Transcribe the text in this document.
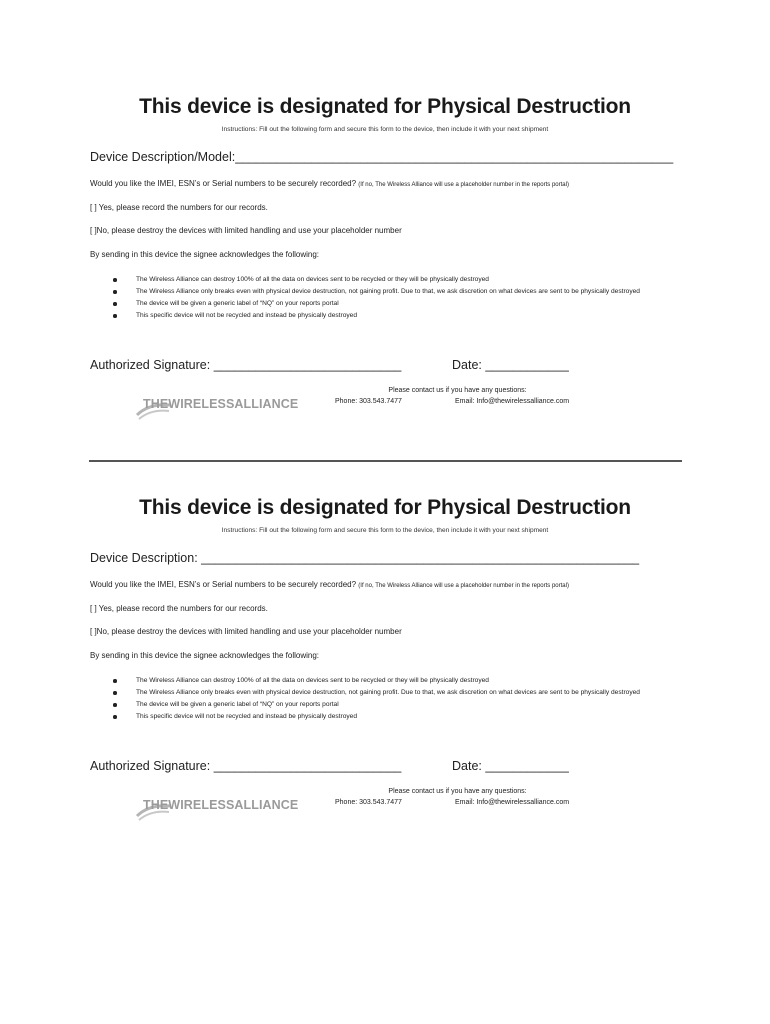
This device is designated for Physical Destruction
Instructions: Fill out the following form and secure this form to the device, then include it with your next shipment
Device Description/Model:_______________________________________________________________
Would you like the IMEI, ESN’s or Serial numbers to be securely recorded? (If no, The Wireless Alliance will use a placeholder number in the reports portal)
[ ] Yes, please record the numbers for our records.
[ ]No, please destroy the devices with limited handling and use your placeholder number
By sending in this device the signee acknowledges the following:
The Wireless Alliance can destroy 100% of all the data on devices sent to be recycled or they will be physically destroyed
The Wireless Alliance only breaks even with physical device destruction, not gaining profit. Due to that, we ask discretion on what devices are sent to be physically destroyed
The device will be given a generic label of “NQ” on your reports portal
This specific device will not be recycled and instead be physically destroyed
Authorized Signature: ___________________________	Date: ____________
THEWIRELESSALLIANCE
Please contact us if you have any questions:
Phone: 303.543.7477	Email: Info@thewirelessalliance.com
This device is designated for Physical Destruction
Instructions: Fill out the following form and secure this form to the device, then include it with your next shipment
Device Description: _______________________________________________________________
Would you like the IMEI, ESN’s or Serial numbers to be securely recorded? (If no, The Wireless Alliance will use a placeholder number in the reports portal)
[ ] Yes, please record the numbers for our records.
[ ]No, please destroy the devices with limited handling and use your placeholder number
By sending in this device the signee acknowledges the following:
The Wireless Alliance can destroy 100% of all the data on devices sent to be recycled or they will be physically destroyed
The Wireless Alliance only breaks even with physical device destruction, not gaining profit. Due to that, we ask discretion on what devices are sent to be physically destroyed
The device will be given a generic label of “NQ” on your reports portal
This specific device will not be recycled and instead be physically destroyed
Authorized Signature: ___________________________	Date: ____________
THEWIRELESSALLIANCE
Please contact us if you have any questions:
Phone: 303.543.7477	Email: Info@thewirelessalliance.com
